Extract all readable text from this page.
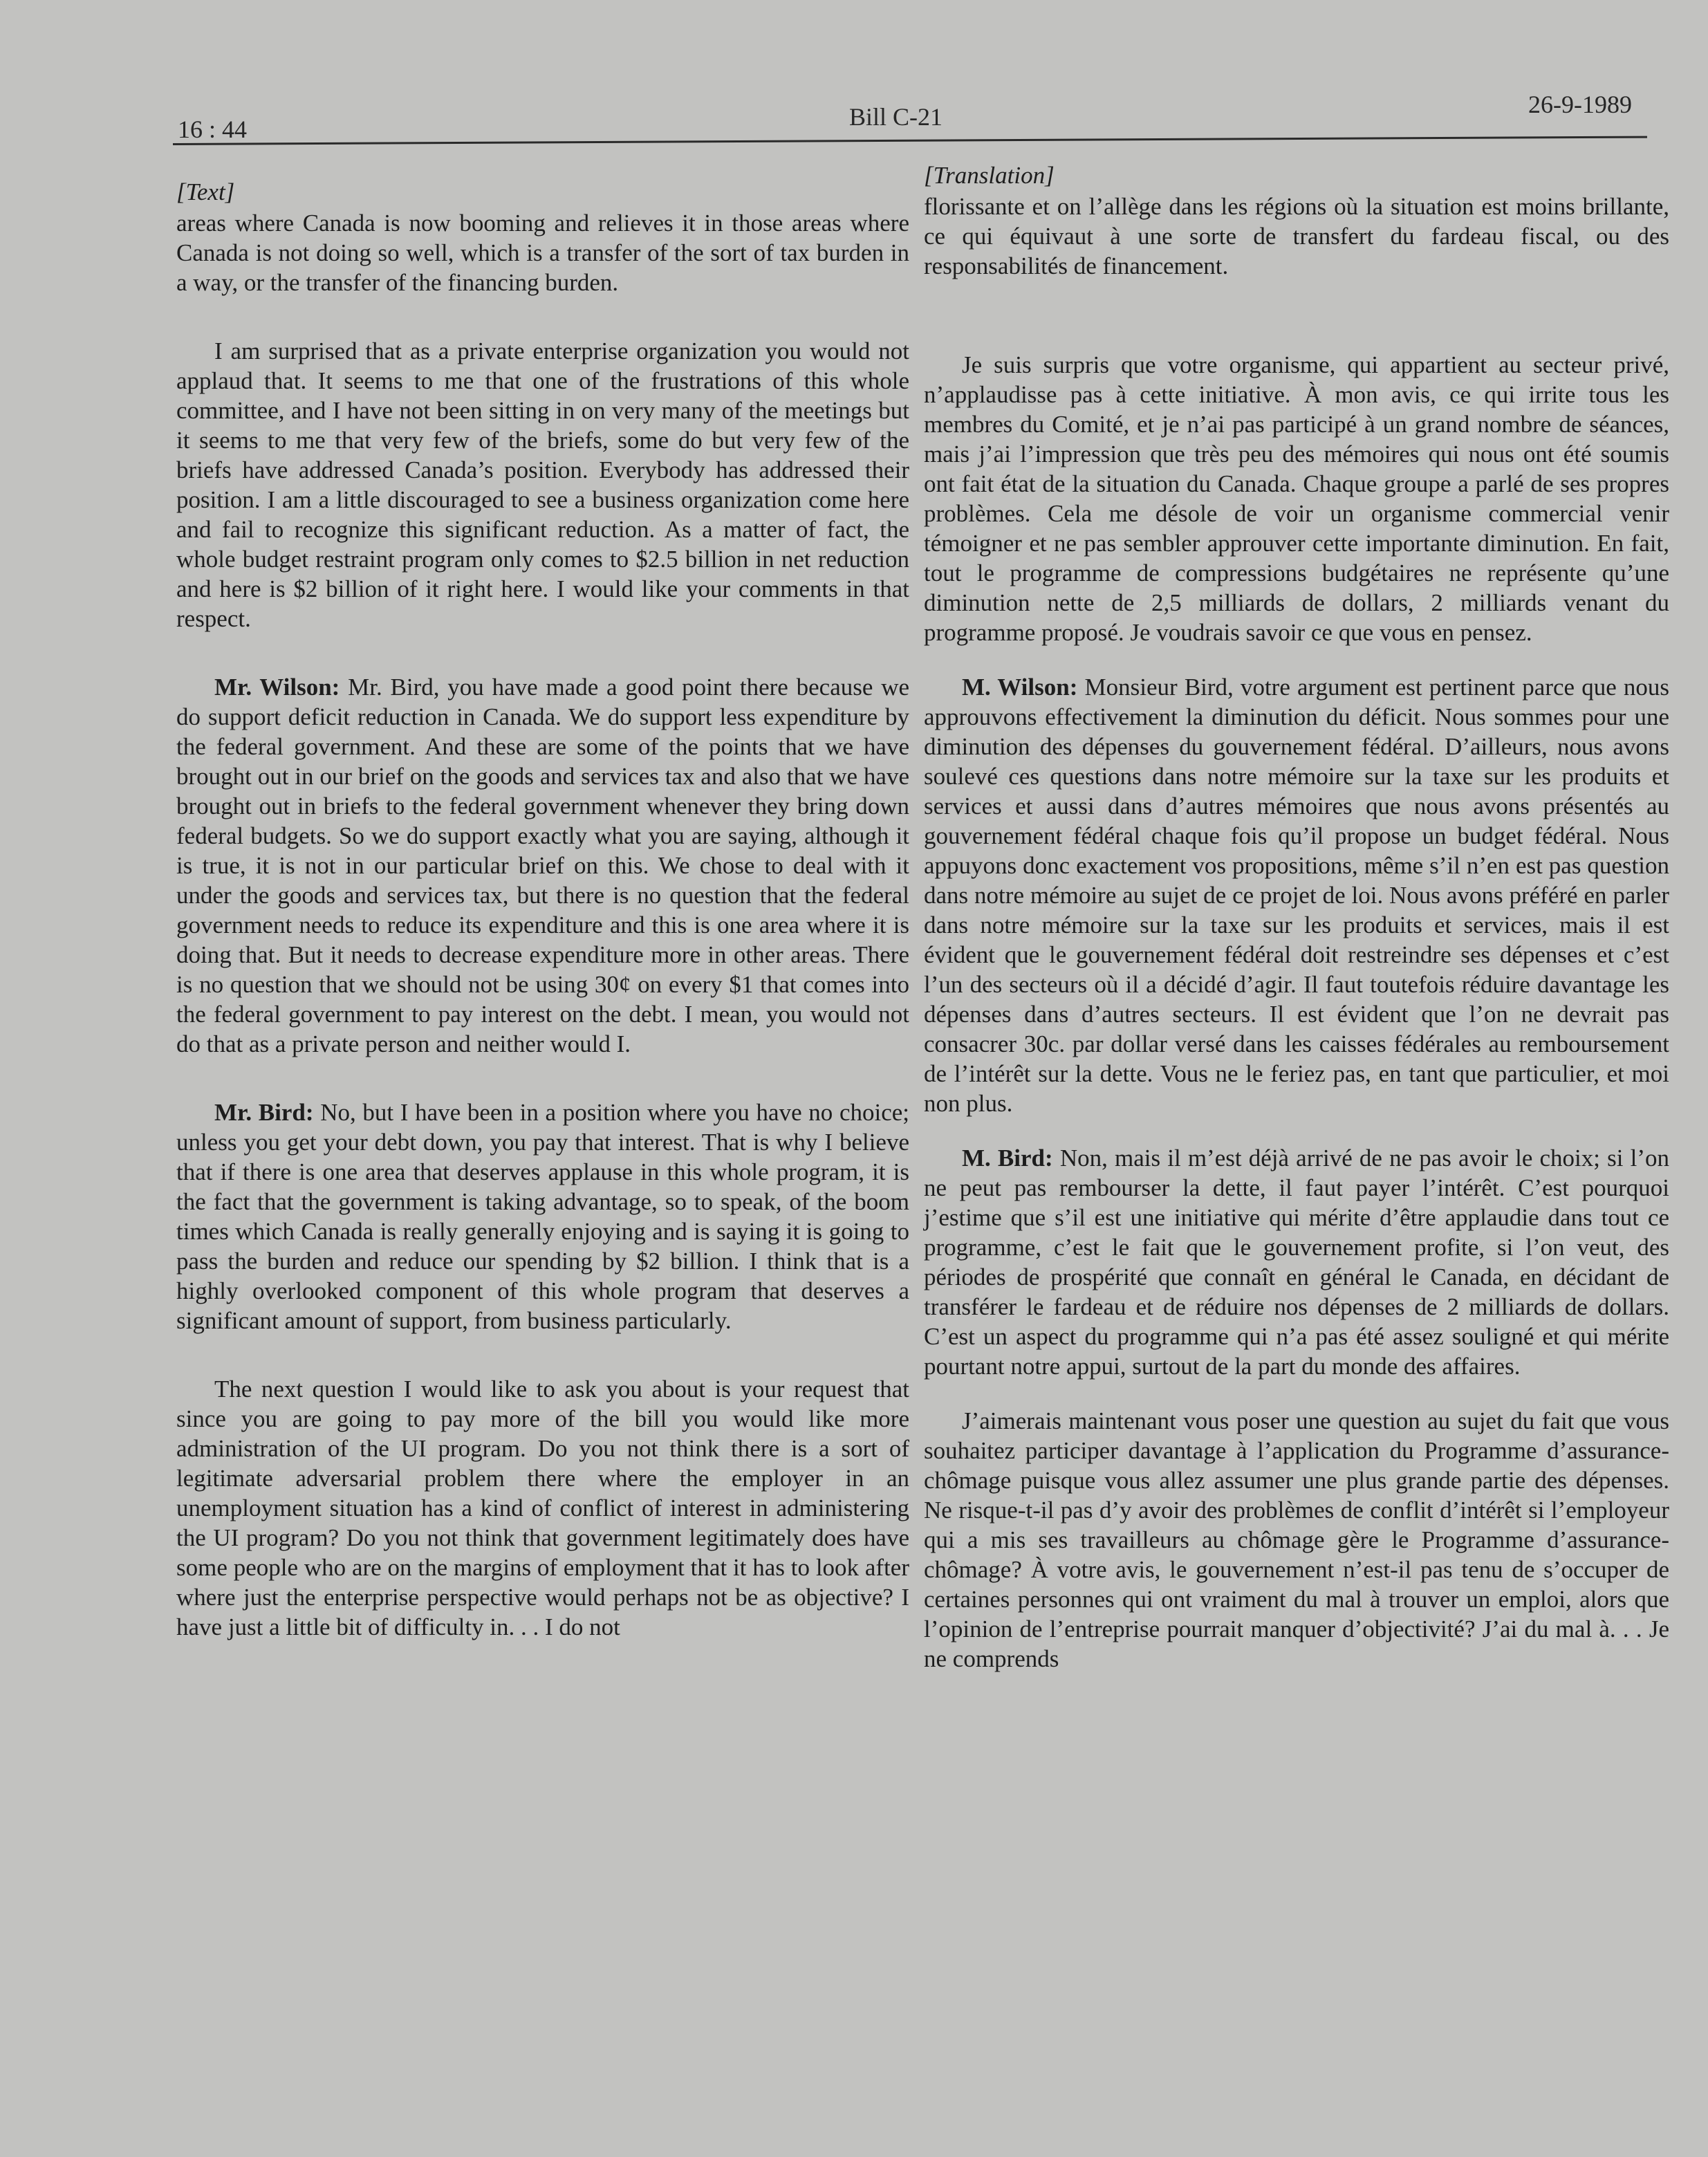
16 : 44	Bill C-21	26-9-1989
[Text]

areas where Canada is now booming and relieves it in those areas where Canada is not doing so well, which is a transfer of the sort of tax burden in a way, or the transfer of the financing burden.

I am surprised that as a private enterprise organization you would not applaud that. It seems to me that one of the frustrations of this whole committee, and I have not been sitting in on very many of the meetings but it seems to me that very few of the briefs, some do but very few of the briefs have addressed Canada’s position. Everybody has addressed their position. I am a little discouraged to see a business organization come here and fail to recognize this significant reduction. As a matter of fact, the whole budget restraint program only comes to $2.5 billion in net reduction and here is $2 billion of it right here. I would like your comments in that respect.

Mr. Wilson: Mr. Bird, you have made a good point there because we do support deficit reduction in Canada. We do support less expenditure by the federal government. And these are some of the points that we have brought out in our brief on the goods and services tax and also that we have brought out in briefs to the federal government whenever they bring down federal budgets. So we do support exactly what you are saying, although it is true, it is not in our particular brief on this. We chose to deal with it under the goods and services tax, but there is no question that the federal government needs to reduce its expenditure and this is one area where it is doing that. But it needs to decrease expenditure more in other areas. There is no question that we should not be using 30¢ on every $1 that comes into the federal government to pay interest on the debt. I mean, you would not do that as a private person and neither would I.

Mr. Bird: No, but I have been in a position where you have no choice; unless you get your debt down, you pay that interest. That is why I believe that if there is one area that deserves applause in this whole program, it is the fact that the government is taking advantage, so to speak, of the boom times which Canada is really generally enjoying and is saying it is going to pass the burden and reduce our spending by $2 billion. I think that is a highly overlooked component of this whole program that deserves a significant amount of support, from business particularly.

The next question I would like to ask you about is your request that since you are going to pay more of the bill you would like more administration of the UI program. Do you not think there is a sort of legitimate adversarial problem there where the employer in an unemployment situation has a kind of conflict of interest in administering the UI program? Do you not think that government legitimately does have some people who are on the margins of employment that it has to look after where just the enterprise perspective would perhaps not be as objective? I have just a little bit of difficulty in. . . I do not

[Translation]

florissante et on l’allège dans les régions où la situation est moins brillante, ce qui équivaut à une sorte de transfert du fardeau fiscal, ou des responsabilités de financement.

Je suis surpris que votre organisme, qui appartient au secteur privé, n’applaudisse pas à cette initiative. À mon avis, ce qui irrite tous les membres du Comité, et je n’ai pas participé à un grand nombre de séances, mais j’ai l’impression que très peu des mémoires qui nous ont été soumis ont fait état de la situation du Canada. Chaque groupe a parlé de ses propres problèmes. Cela me désole de voir un organisme commercial venir témoigner et ne pas sembler approuver cette importante diminution. En fait, tout le programme de compressions budgétaires ne représente qu’une diminution nette de 2,5 milliards de dollars, 2 milliards venant du programme proposé. Je voudrais savoir ce que vous en pensez.

M. Wilson: Monsieur Bird, votre argument est pertinent parce que nous approuvons effectivement la diminution du déficit. Nous sommes pour une diminution des dépenses du gouvernement fédéral. D’ailleurs, nous avons soulevé ces questions dans notre mémoire sur la taxe sur les produits et services et aussi dans d’autres mémoires que nous avons présentés au gouvernement fédéral chaque fois qu’il propose un budget fédéral. Nous appuyons donc exactement vos propositions, même s’il n’en est pas question dans notre mémoire au sujet de ce projet de loi. Nous avons préféré en parler dans notre mémoire sur la taxe sur les produits et services, mais il est évident que le gouvernement fédéral doit restreindre ses dépenses et c’est l’un des secteurs où il a décidé d’agir. Il faut toutefois réduire davantage les dépenses dans d’autres secteurs. Il est évident que l’on ne devrait pas consacrer 30c. par dollar versé dans les caisses fédérales au remboursement de l’intérêt sur la dette. Vous ne le feriez pas, en tant que particulier, et moi non plus.

M. Bird: Non, mais il m’est déjà arrivé de ne pas avoir le choix; si l’on ne peut pas rembourser la dette, il faut payer l’intérêt. C’est pourquoi j’estime que s’il est une initiative qui mérite d’être applaudie dans tout ce programme, c’est le fait que le gouvernement profite, si l’on veut, des périodes de prospérité que connaît en général le Canada, en décidant de transférer le fardeau et de réduire nos dépenses de 2 milliards de dollars. C’est un aspect du programme qui n’a pas été assez souligné et qui mérite pourtant notre appui, surtout de la part du monde des affaires.

J’aimerais maintenant vous poser une question au sujet du fait que vous souhaitez participer davantage à l’application du Programme d’assurance-chômage puisque vous allez assumer une plus grande partie des dépenses. Ne risque-t-il pas d’y avoir des problèmes de conflit d’intérêt si l’employeur qui a mis ses travailleurs au chômage gère le Programme d’assurance-chômage? À votre avis, le gouvernement n’est-il pas tenu de s’occuper de certaines personnes qui ont vraiment du mal à trouver un emploi, alors que l’opinion de l’entreprise pourrait manquer d’objectivité? J’ai du mal à. . . Je ne comprends
